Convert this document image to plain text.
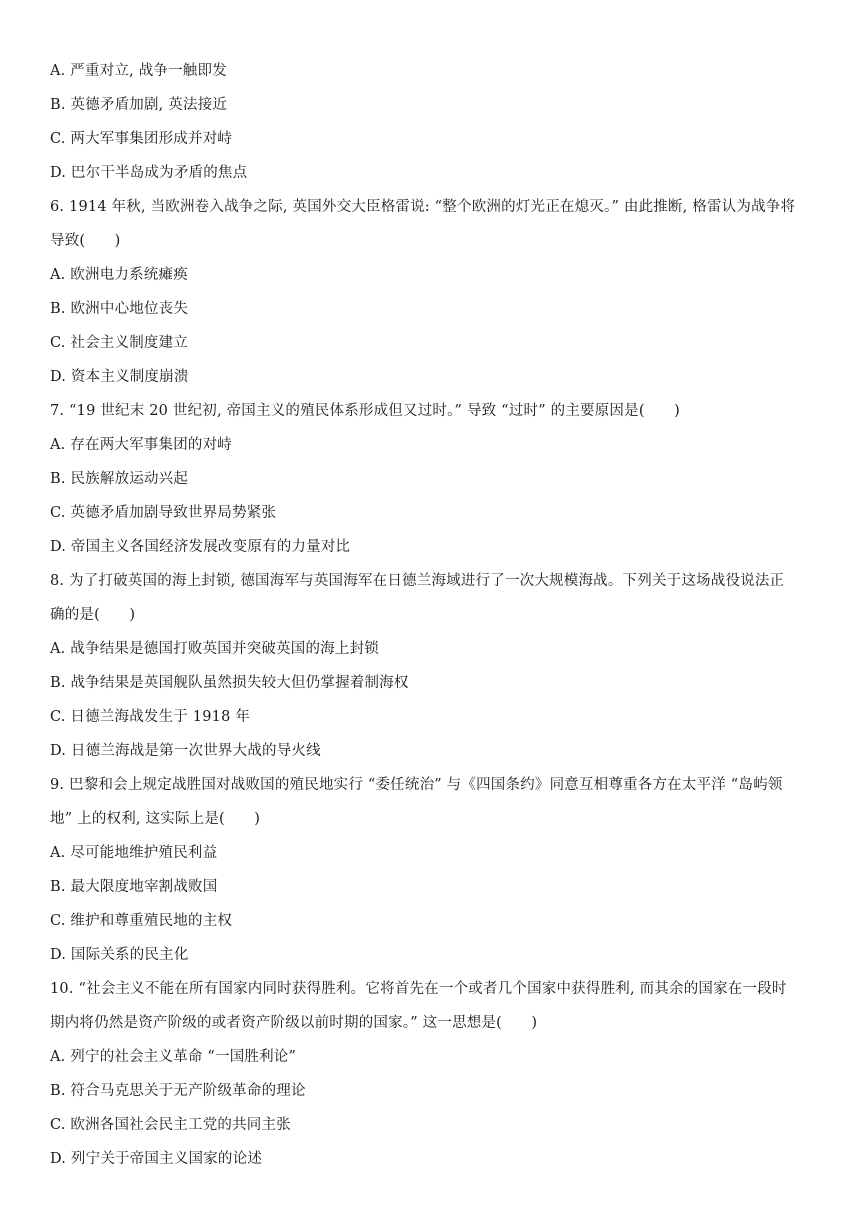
A. 严重对立, 战争一触即发
B. 英德矛盾加剧, 英法接近
C. 两大军事集团形成并对峙
D. 巴尔干半岛成为矛盾的焦点
6. 1914 年秋, 当欧洲卷入战争之际, 英国外交大臣格雷说: “整个欧洲的灯光正在熄灭。” 由此推断, 格雷认为战争将
导致(　　)
A. 欧洲电力系统瘫痪
B. 欧洲中心地位丧失
C. 社会主义制度建立
D. 资本主义制度崩溃
7. “19 世纪末 20 世纪初, 帝国主义的殖民体系形成但又过时。” 导致 “过时” 的主要原因是(　　)
A. 存在两大军事集团的对峙
B. 民族解放运动兴起
C. 英德矛盾加剧导致世界局势紧张
D. 帝国主义各国经济发展改变原有的力量对比
8. 为了打破英国的海上封锁, 德国海军与英国海军在日德兰海域进行了一次大规模海战。下列关于这场战役说法正
确的是(　　)
A. 战争结果是德国打败英国并突破英国的海上封锁
B. 战争结果是英国舰队虽然损失较大但仍掌握着制海权
C. 日德兰海战发生于 1918 年
D. 日德兰海战是第一次世界大战的导火线
9. 巴黎和会上规定战胜国对战败国的殖民地实行 “委任统治” 与《四国条约》同意互相尊重各方在太平洋 “岛屿领
地” 上的权利, 这实际上是(　　)
A. 尽可能地维护殖民利益
B. 最大限度地宰割战败国
C. 维护和尊重殖民地的主权
D. 国际关系的民主化
10. “社会主义不能在所有国家内同时获得胜利。它将首先在一个或者几个国家中获得胜利, 而其余的国家在一段时
期内将仍然是资产阶级的或者资产阶级以前时期的国家。” 这一思想是(　　)
A. 列宁的社会主义革命 “一国胜利论”
B. 符合马克思关于无产阶级革命的理论
C. 欧洲各国社会民主工党的共同主张
D. 列宁关于帝国主义国家的论述
